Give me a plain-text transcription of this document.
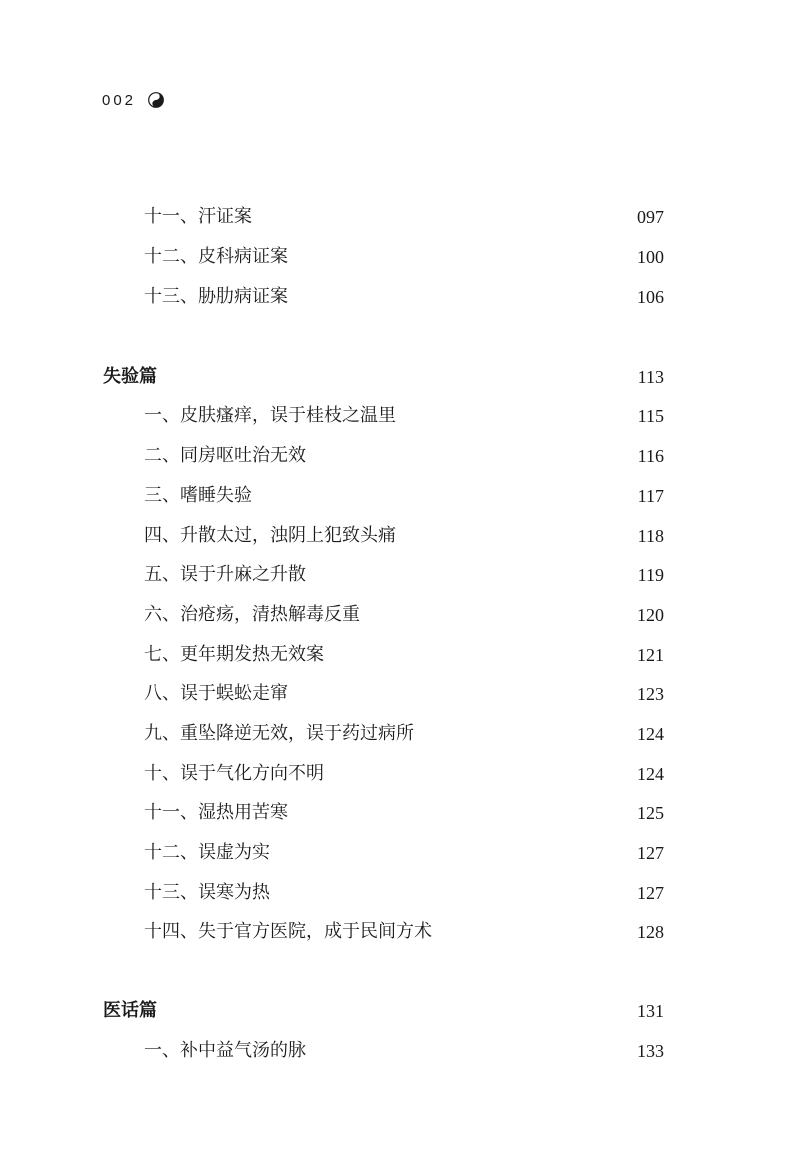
002
十一、汗证案	097
十二、皮科病证案	100
十三、胁肋病证案	106
失验篇	113
一、皮肤瘙痒，误于桂枝之温里	115
二、同房呕吐治无效	116
三、嗜睡失验	117
四、升散太过，浊阴上犯致头痛	118
五、误于升麻之升散	119
六、治疮疡，清热解毒反重	120
七、更年期发热无效案	121
八、误于蜈蚣走窜	123
九、重坠降逆无效，误于药过病所	124
十、误于气化方向不明	124
十一、湿热用苦寒	125
十二、误虚为实	127
十三、误寒为热	127
十四、失于官方医院，成于民间方术	128
医话篇	131
一、补中益气汤的脉	133
